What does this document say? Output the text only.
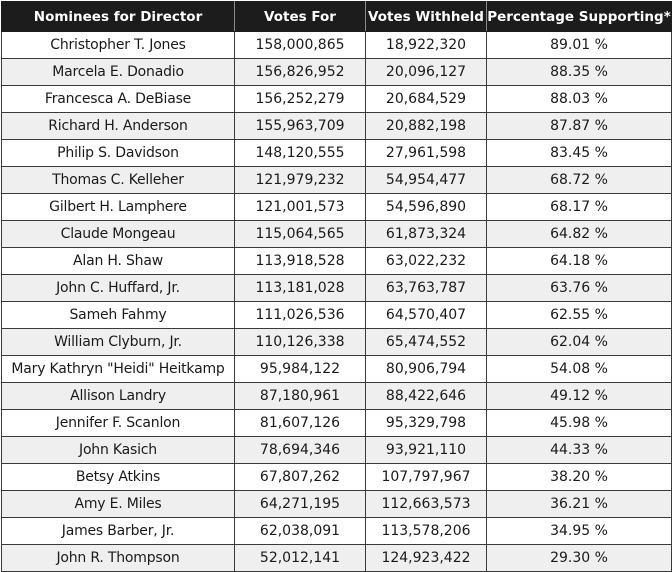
Nominees for Director	Votes For	Votes Withheld	Percentage Supporting*
Christopher T. Jones	158,000,865	18,922,320	89.01 %
Marcela E. Donadio	156,826,952	20,096,127	88.35 %
Francesca A. DeBiase	156,252,279	20,684,529	88.03 %
Richard H. Anderson	155,963,709	20,882,198	87.87 %
Philip S. Davidson	148,120,555	27,961,598	83.45 %
Thomas C. Kelleher	121,979,232	54,954,477	68.72 %
Gilbert H. Lamphere	121,001,573	54,596,890	68.17 %
Claude Mongeau	115,064,565	61,873,324	64.82 %
Alan H. Shaw	113,918,528	63,022,232	64.18 %
John C. Huffard, Jr.	113,181,028	63,763,787	63.76 %
Sameh Fahmy	111,026,536	64,570,407	62.55 %
William Clyburn, Jr.	110,126,338	65,474,552	62.04 %
Mary Kathryn "Heidi" Heitkamp	95,984,122	80,906,794	54.08 %
Allison Landry	87,180,961	88,422,646	49.12 %
Jennifer F. Scanlon	81,607,126	95,329,798	45.98 %
John Kasich	78,694,346	93,921,110	44.33 %
Betsy Atkins	67,807,262	107,797,967	38.20 %
Amy E. Miles	64,271,195	112,663,573	36.21 %
James Barber, Jr.	62,038,091	113,578,206	34.95 %
John R. Thompson	52,012,141	124,923,422	29.30 %
